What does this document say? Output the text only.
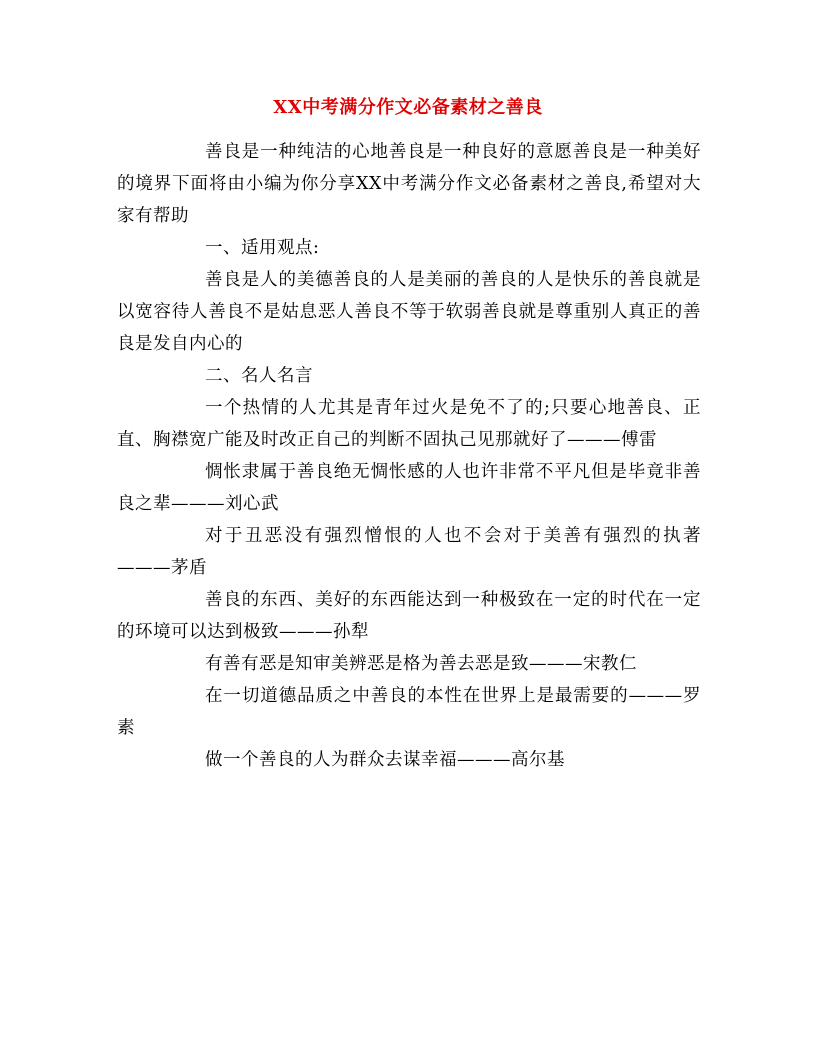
XX中考满分作文必备素材之善良

善良是一种纯洁的心地善良是一种良好的意愿善良是一种美好的境界下面将由小编为你分享XX中考满分作文必备素材之善良,希望对大家有帮助

一、适用观点:

善良是人的美德善良的人是美丽的善良的人是快乐的善良就是以宽容待人善良不是姑息恶人善良不等于软弱善良就是尊重别人真正的善良是发自内心的

二、名人名言

一个热情的人尤其是青年过火是免不了的;只要心地善良、正直、胸襟宽广能及时改正自己的判断不固执己见那就好了———傅雷

惆怅隶属于善良绝无惆怅感的人也许非常不平凡但是毕竟非善良之辈———刘心武

对于丑恶没有强烈憎恨的人也不会对于美善有强烈的执著———茅盾

善良的东西、美好的东西能达到一种极致在一定的时代在一定的环境可以达到极致———孙犁

有善有恶是知审美辨恶是格为善去恶是致———宋教仁

在一切道德品质之中善良的本性在世界上是最需要的———罗素

做一个善良的人为群众去谋幸福———高尔基
